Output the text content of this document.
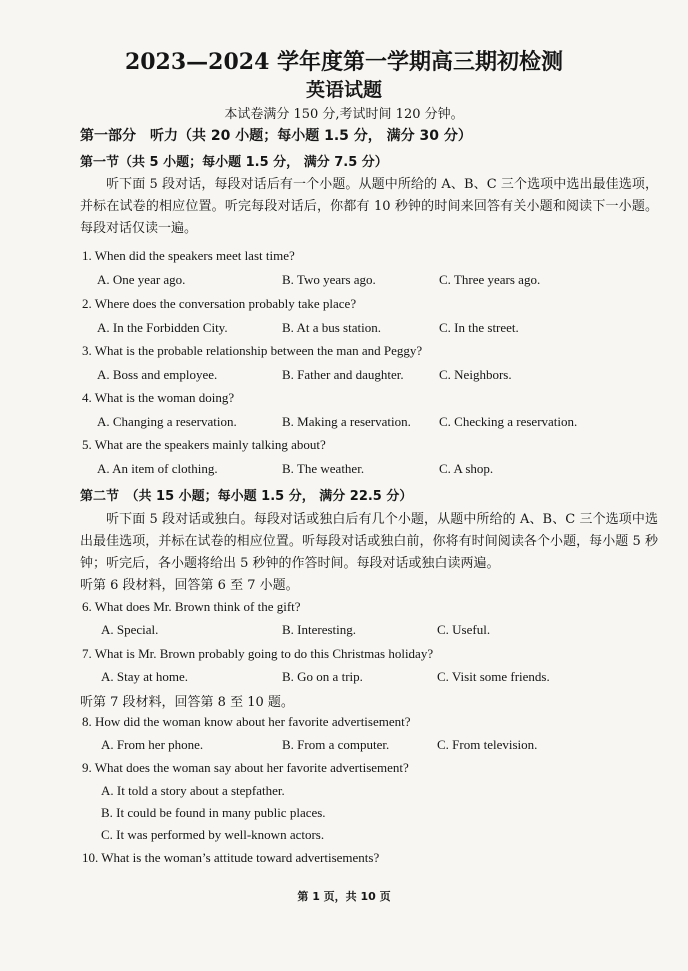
2023—2024 学年度第一学期高三期初检测
英语试题
本试卷满分 150 分,考试时间 120 分钟。
第一部分　听力（共 20 小题；每小题 1.5 分， 满分 30 分）
第一节（共 5 小题；每小题 1.5 分， 满分 7.5 分）
听下面 5 段对话，每段对话后有一个小题。从题中所给的 A、B、C 三个选项中选出最佳选项，并标在试卷的相应位置。听完每段对话后，你都有 10 秒钟的时间来回答有关小题和阅读下一小题。每段对话仅读一遍。
1. When did the speakers meet last time?
A. One year ago.	B. Two years ago.	C. Three years ago.
2. Where does the conversation probably take place?
A. In the Forbidden City.	B. At a bus station.	C. In the street.
3. What is the probable relationship between the man and Peggy?
A. Boss and employee.	B. Father and daughter.	C. Neighbors.
4. What is the woman doing?
A. Changing a reservation.	B. Making a reservation. C. Checking a reservation.
5. What are the speakers mainly talking about?
A. An item of clothing.	B. The weather.	C. A shop.
第二节　（共 15 小题；每小题 1.5 分， 满分 22.5 分）
听下面 5 段对话或独白。每段对话或独白后有几个小题，从题中所给的 A、B、C 三个选项中选出最佳选项，并标在试卷的相应位置。听每段对话或独白前，你将有时间阅读各个小题，每小题 5 秒钟；听完后，各小题将给出 5 秒钟的作答时间。每段对话或独白读两遍。
听第 6 段材料，回答第 6 至 7 小题。
6. What does Mr. Brown think of the gift?
A. Special.	B. Interesting.	C. Useful.
7. What is Mr. Brown probably going to do this Christmas holiday?
A. Stay at home.	B. Go on a trip.	C. Visit some friends.
听第 7 段材料，回答第 8 至 10 题。
8. How did the woman know about her favorite advertisement?
A. From her phone.	B. From a computer.	C. From television.
9. What does the woman say about her favorite advertisement?
A. It told a story about a stepfather.
B. It could be found in many public places.
C. It was performed by well-known actors.
10. What is the woman’s attitude toward advertisements?
第 1 页，共 10 页
